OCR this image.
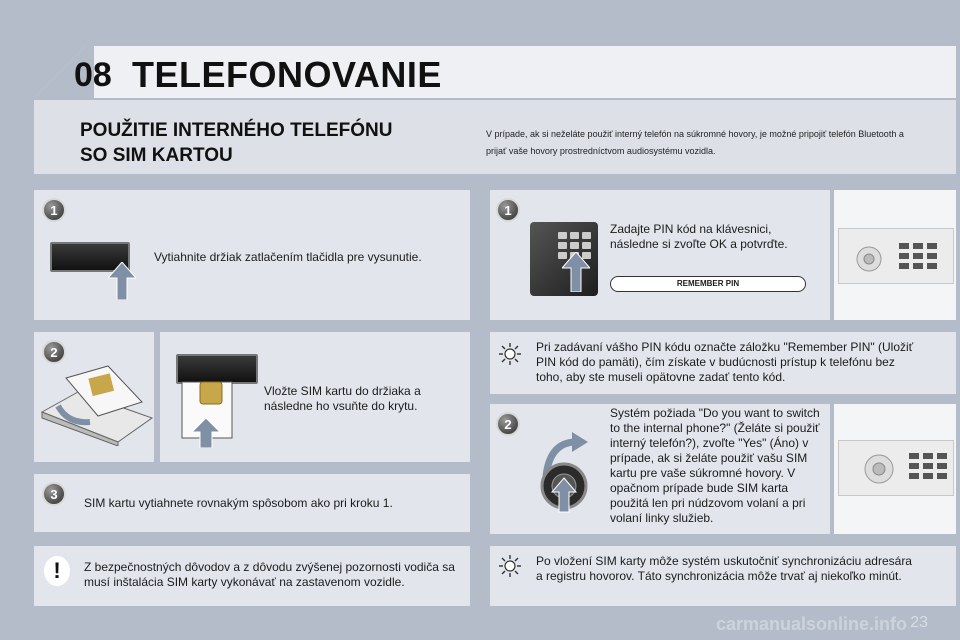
08 TELEFONOVANIE
POUŽITIE INTERNÉHO TELEFÓNU
SO SIM KARTOU
V prípade, ak si neželáte použiť interný telefón na súkromné hovory, je možné pripojiť telefón Bluetooth a prijať vaše hovory prostredníctvom audiosystému vozidla.
1
Vytiahnite držiak zatlačením tlačidla pre vysunutie.
2
Vložte SIM kartu do držiaka a následne ho vsuňte do krytu.
3
SIM kartu vytiahnete rovnakým spôsobom ako pri kroku 1.
!	Z bezpečnostných dôvodov a z dôvodu zvýšenej pozornosti vodiča sa musí inštalácia SIM karty vykonávať na zastavenom vozidle.
1
Zadajte PIN kód na klávesnici, následne si zvoľte OK a potvrďte.
REMEMBER PIN
Pri zadávaní vášho PIN kódu označte záložku "Remember PIN" (Uložiť PIN kód do pamäti), čím získate v budúcnosti prístup k telefónu bez toho, aby ste museli opätovne zadať tento kód.
2
Systém požiada "Do you want to switch to the internal phone?" (Želáte si použiť interný telefón?), zvoľte "Yes" (Áno) v prípade, ak si želáte použiť vašu SIM kartu pre vaše súkromné hovory. V opačnom prípade bude SIM karta použitá len pri núdzovom volaní a pri volaní linky služieb.
Po vložení SIM karty môže systém uskutočniť synchronizáciu adresára a registru hovorov. Táto synchronizácia môže trvať aj niekoľko minút.
carmanualsonline.info 23
